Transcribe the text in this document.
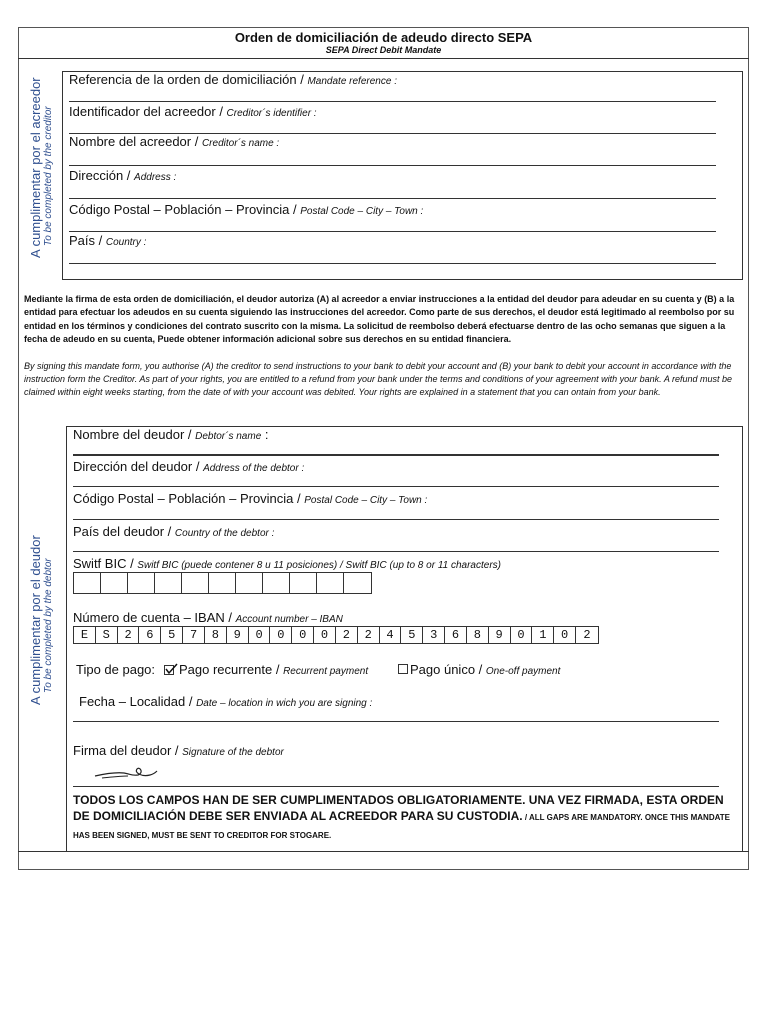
Orden de domiciliación de adeudo directo SEPA
SEPA Direct Debit Mandate
A cumplimentar por el acreedor To be completed by the creditor
Referencia de la orden de domiciliación / Mandate reference :
Identificador del acreedor / Creditor´s identifier :
Nombre del acreedor / Creditor´s name :
Dirección / Address :
Código Postal – Población – Provincia / Postal Code – City – Town :
País / Country :
Mediante la firma de esta orden de domiciliación, el deudor autoriza (A) al acreedor a enviar instrucciones a la entidad del deudor para adeudar en su cuenta y (B) a la entidad para efectuar los adeudos en su cuenta siguiendo las instrucciones del acreedor. Como parte de sus derechos, el deudor está legitimado al reembolso por su entidad en los términos y condiciones del contrato suscrito con la misma. La solicitud de reembolso deberá efectuarse dentro de las ocho semanas que siguen a la fecha de adeudo en su cuenta, Puede obtener información adicional sobre sus derechos en su entidad financiera.
By signing this mandate form, you authorise (A) the creditor to send instructions to your bank to debit your account and (B) your bank to debit your account in accordance with the instruction form the Creditor. As part of your rights, you are entitled to a refund from your bank under the terms and conditions of your agreement with your bank. A refund must be claimed within eight weeks starting, from the date of with your account was debited. Your rights are explained in a statement that you can ontain from your bank.
A cumplimentar por el deudor To be completed by the debtor
Nombre del deudor / Debtor´s name :
Dirección del deudor / Address of the debtor :
Código Postal – Población – Provincia / Postal Code – City – Town :
País del deudor / Country of the debtor :
Switf BIC / Switf BIC (puede contener 8 u 11 posiciones) / Switf BIC (up to 8 or 11 characters)
Número de cuenta – IBAN / Account number – IBAN
E	S	2	6	5	7	8	9	0	0	0	0	2	2	4	5	3	6	8	9	0	1	0	2
Tipo de pago: Pago recurrente / Recurrent payment	Pago único / One-off payment
Fecha – Localidad / Date – location in wich you are signing :
Firma del deudor / Signature of the debtor
TODOS LOS CAMPOS HAN DE SER CUMPLIMENTADOS OBLIGATORIAMENTE. UNA VEZ FIRMADA, ESTA ORDEN DE DOMICILIACIÓN DEBE SER ENVIADA AL ACREEDOR PARA SU CUSTODIA. / ALL GAPS ARE MANDATORY. ONCE THIS MANDATE HAS BEEN SIGNED, MUST BE SENT TO CREDITOR FOR STOGARE.
